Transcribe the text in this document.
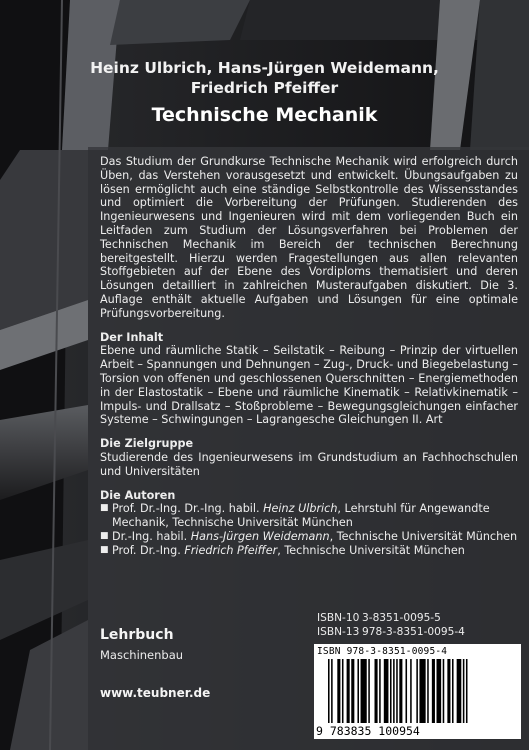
Heinz Ulbrich, Hans-Jürgen Weidemann,
Friedrich Pfeiffer
Technische Mechanik

Das Studium der Grundkurse Technische Mechanik wird erfolgreich durch Üben, das Verstehen vorausgesetzt und entwickelt. Übungsaufgaben zu lösen ermöglicht auch eine ständige Selbstkontrolle des Wissensstandes und optimiert die Vorbereitung der Prüfungen. Studierenden des Ingenieurwesens und Ingenieuren wird mit dem vorliegenden Buch ein Leitfaden zum Studium der Lösungsverfahren bei Problemen der Technischen Mechanik im Bereich der technischen Berechnung bereitgestellt. Hierzu werden Fragestellungen aus allen relevanten Stoffgebieten auf der Ebene des Vordiploms thematisiert und deren Lösungen detailliert in zahlreichen Musteraufgaben diskutiert. Die 3. Auflage enthält aktuelle Aufgaben und Lösungen für eine optimale Prüfungsvorbereitung.

Der Inhalt

Ebene und räumliche Statik – Seilstatik – Reibung – Prinzip der virtuellen Arbeit – Spannungen und Dehnungen – Zug-, Druck- und Biegebelastung – Torsion von offenen und geschlossenen Querschnitten – Energiemethoden in der Elastostatik – Ebene und räumliche Kinematik – Relativkinematik – Impuls- und Drallsatz – Stoßprobleme – Bewegungsgleichungen einfacher Systeme – Schwingungen – Lagrangesche Gleichungen II. Art

Die Zielgruppe

Studierende des Ingenieurwesens im Grundstudium an Fachhochschulen und Universitäten

Die Autoren

■ Prof. Dr.-Ing. Dr.-Ing. habil. Heinz Ulbrich, Lehrstuhl für Angewandte Mechanik, Technische Universität München
■ Dr.-Ing. habil. Hans-Jürgen Weidemann, Technische Universität München
■ Prof. Dr.-Ing. Friedrich Pfeiffer, Technische Universität München
Lehrbuch
Maschinenbau
www.teubner.de
ISBN-10 3-8351-0095-5
ISBN-13 978-3-8351-0095-4
ISBN 978-3-8351-0095-4
9 783835 100954
